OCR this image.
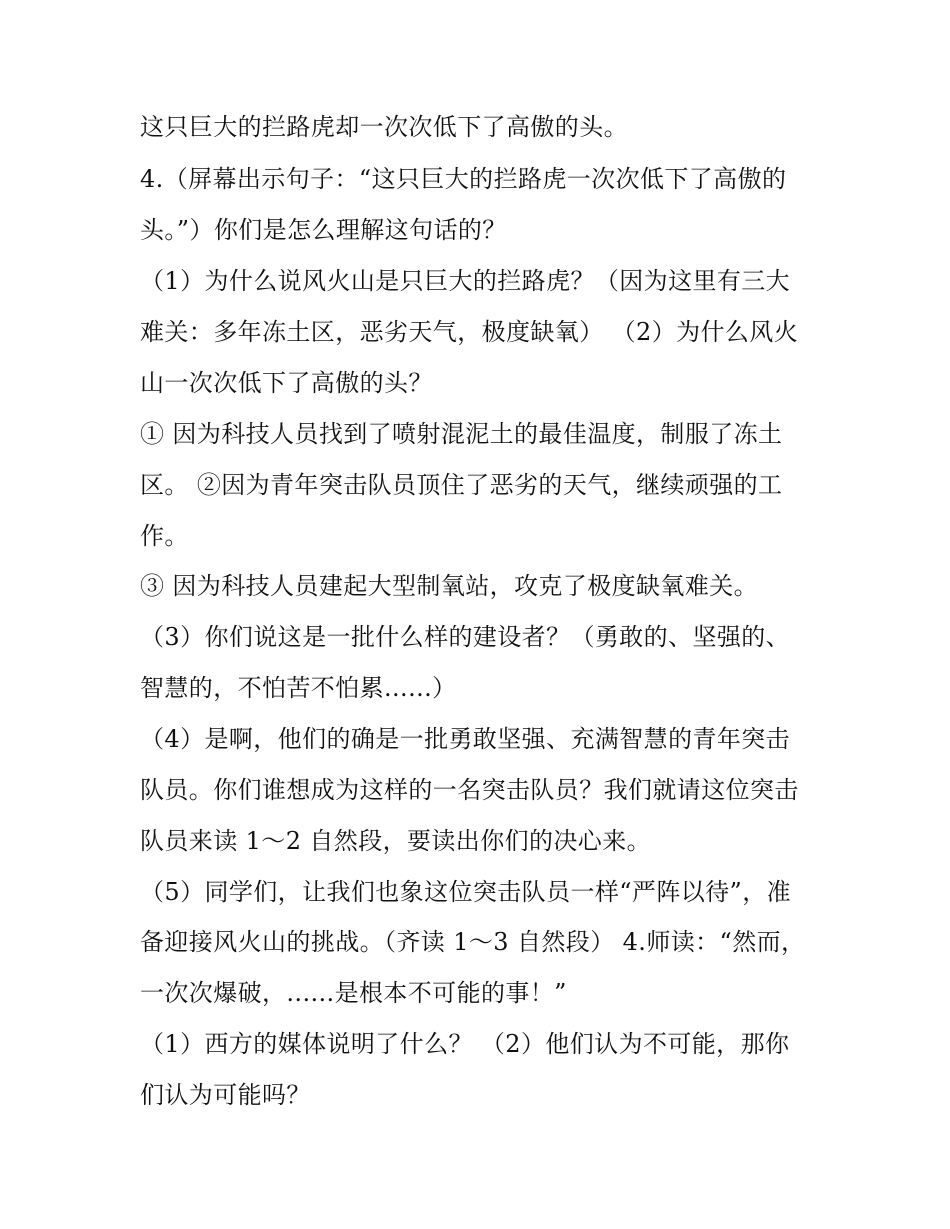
这只巨大的拦路虎却一次次低下了高傲的头。

4.（屏幕出示句子：“这只巨大的拦路虎一次次低下了高傲的

头。”）你们是怎么理解这句话的？

（1）为什么说风火山是只巨大的拦路虎？（因为这里有三大

难关：多年冻土区，恶劣天气，极度缺氧） （2）为什么风火

山一次次低下了高傲的头？

① 因为科技人员找到了喷射混泥土的最佳温度，制服了冻土

区。 ②因为青年突击队员顶住了恶劣的天气，继续顽强的工

作。

③ 因为科技人员建起大型制氧站，攻克了极度缺氧难关。

（3）你们说这是一批什么样的建设者？（勇敢的、坚强的、

智慧的，不怕苦不怕累......）

（4）是啊，他们的确是一批勇敢坚强、充满智慧的青年突击

队员。你们谁想成为这样的一名突击队员？我们就请这位突击

队员来读 1～2 自然段，要读出你们的决心来。

（5）同学们，让我们也象这位突击队员一样“严阵以待”，准

备迎接风火山的挑战。（齐读 1～3 自然段） 4.师读：“然而，

一次次爆破，......是根本不可能的事！”

（1）西方的媒体说明了什么？ （2）他们认为不可能，那你

们认为可能吗？
